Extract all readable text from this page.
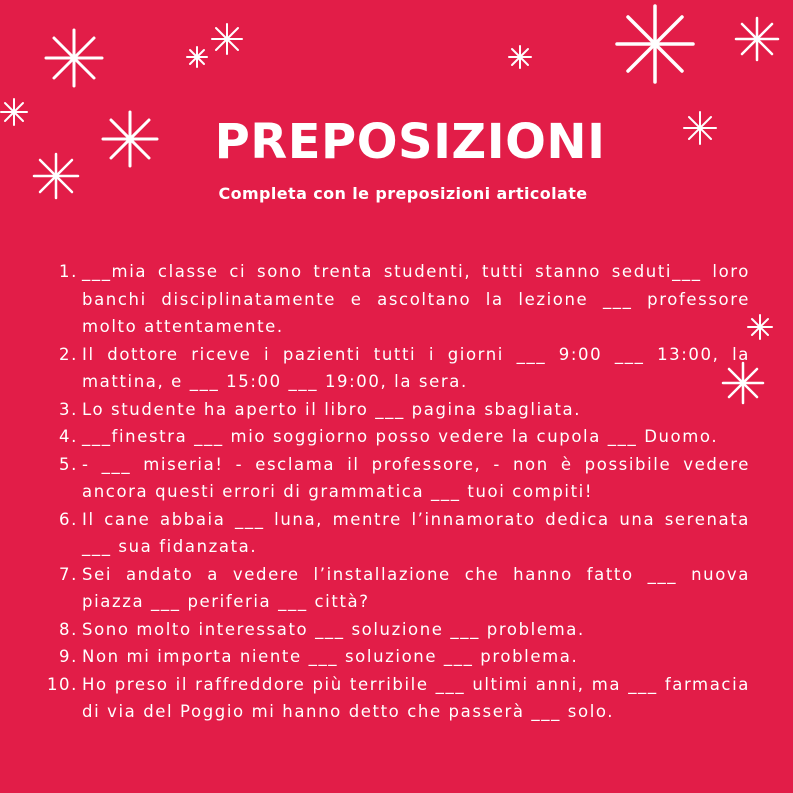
PREPOSIZIONI

Completa con le preposizioni articolate

1. ___mia classe ci sono trenta studenti, tutti stanno seduti___ loro banchi disciplinatamente e ascoltano la lezione ___ professore molto attentamente.
2. Il dottore riceve i pazienti tutti i giorni ___ 9:00 ___ 13:00, la mattina, e ___ 15:00 ___ 19:00, la sera.
3. Lo studente ha aperto il libro ___ pagina sbagliata.
4. ___finestra ___ mio soggiorno posso vedere la cupola ___ Duomo.
5. - ___ miseria! - esclama il professore, - non è possibile vedere ancora questi errori di grammatica ___ tuoi compiti!
6. Il cane abbaia ___ luna, mentre l’innamorato dedica una serenata ___ sua fidanzata.
7. Sei andato a vedere l’installazione che hanno fatto ___ nuova piazza ___ periferia ___ città?
8. Sono molto interessato ___ soluzione ___ problema.
9. Non mi importa niente ___ soluzione ___ problema.
10. Ho preso il raffreddore più terribile ___ ultimi anni, ma ___ farmacia di via del Poggio mi hanno detto che passerà ___ solo.
